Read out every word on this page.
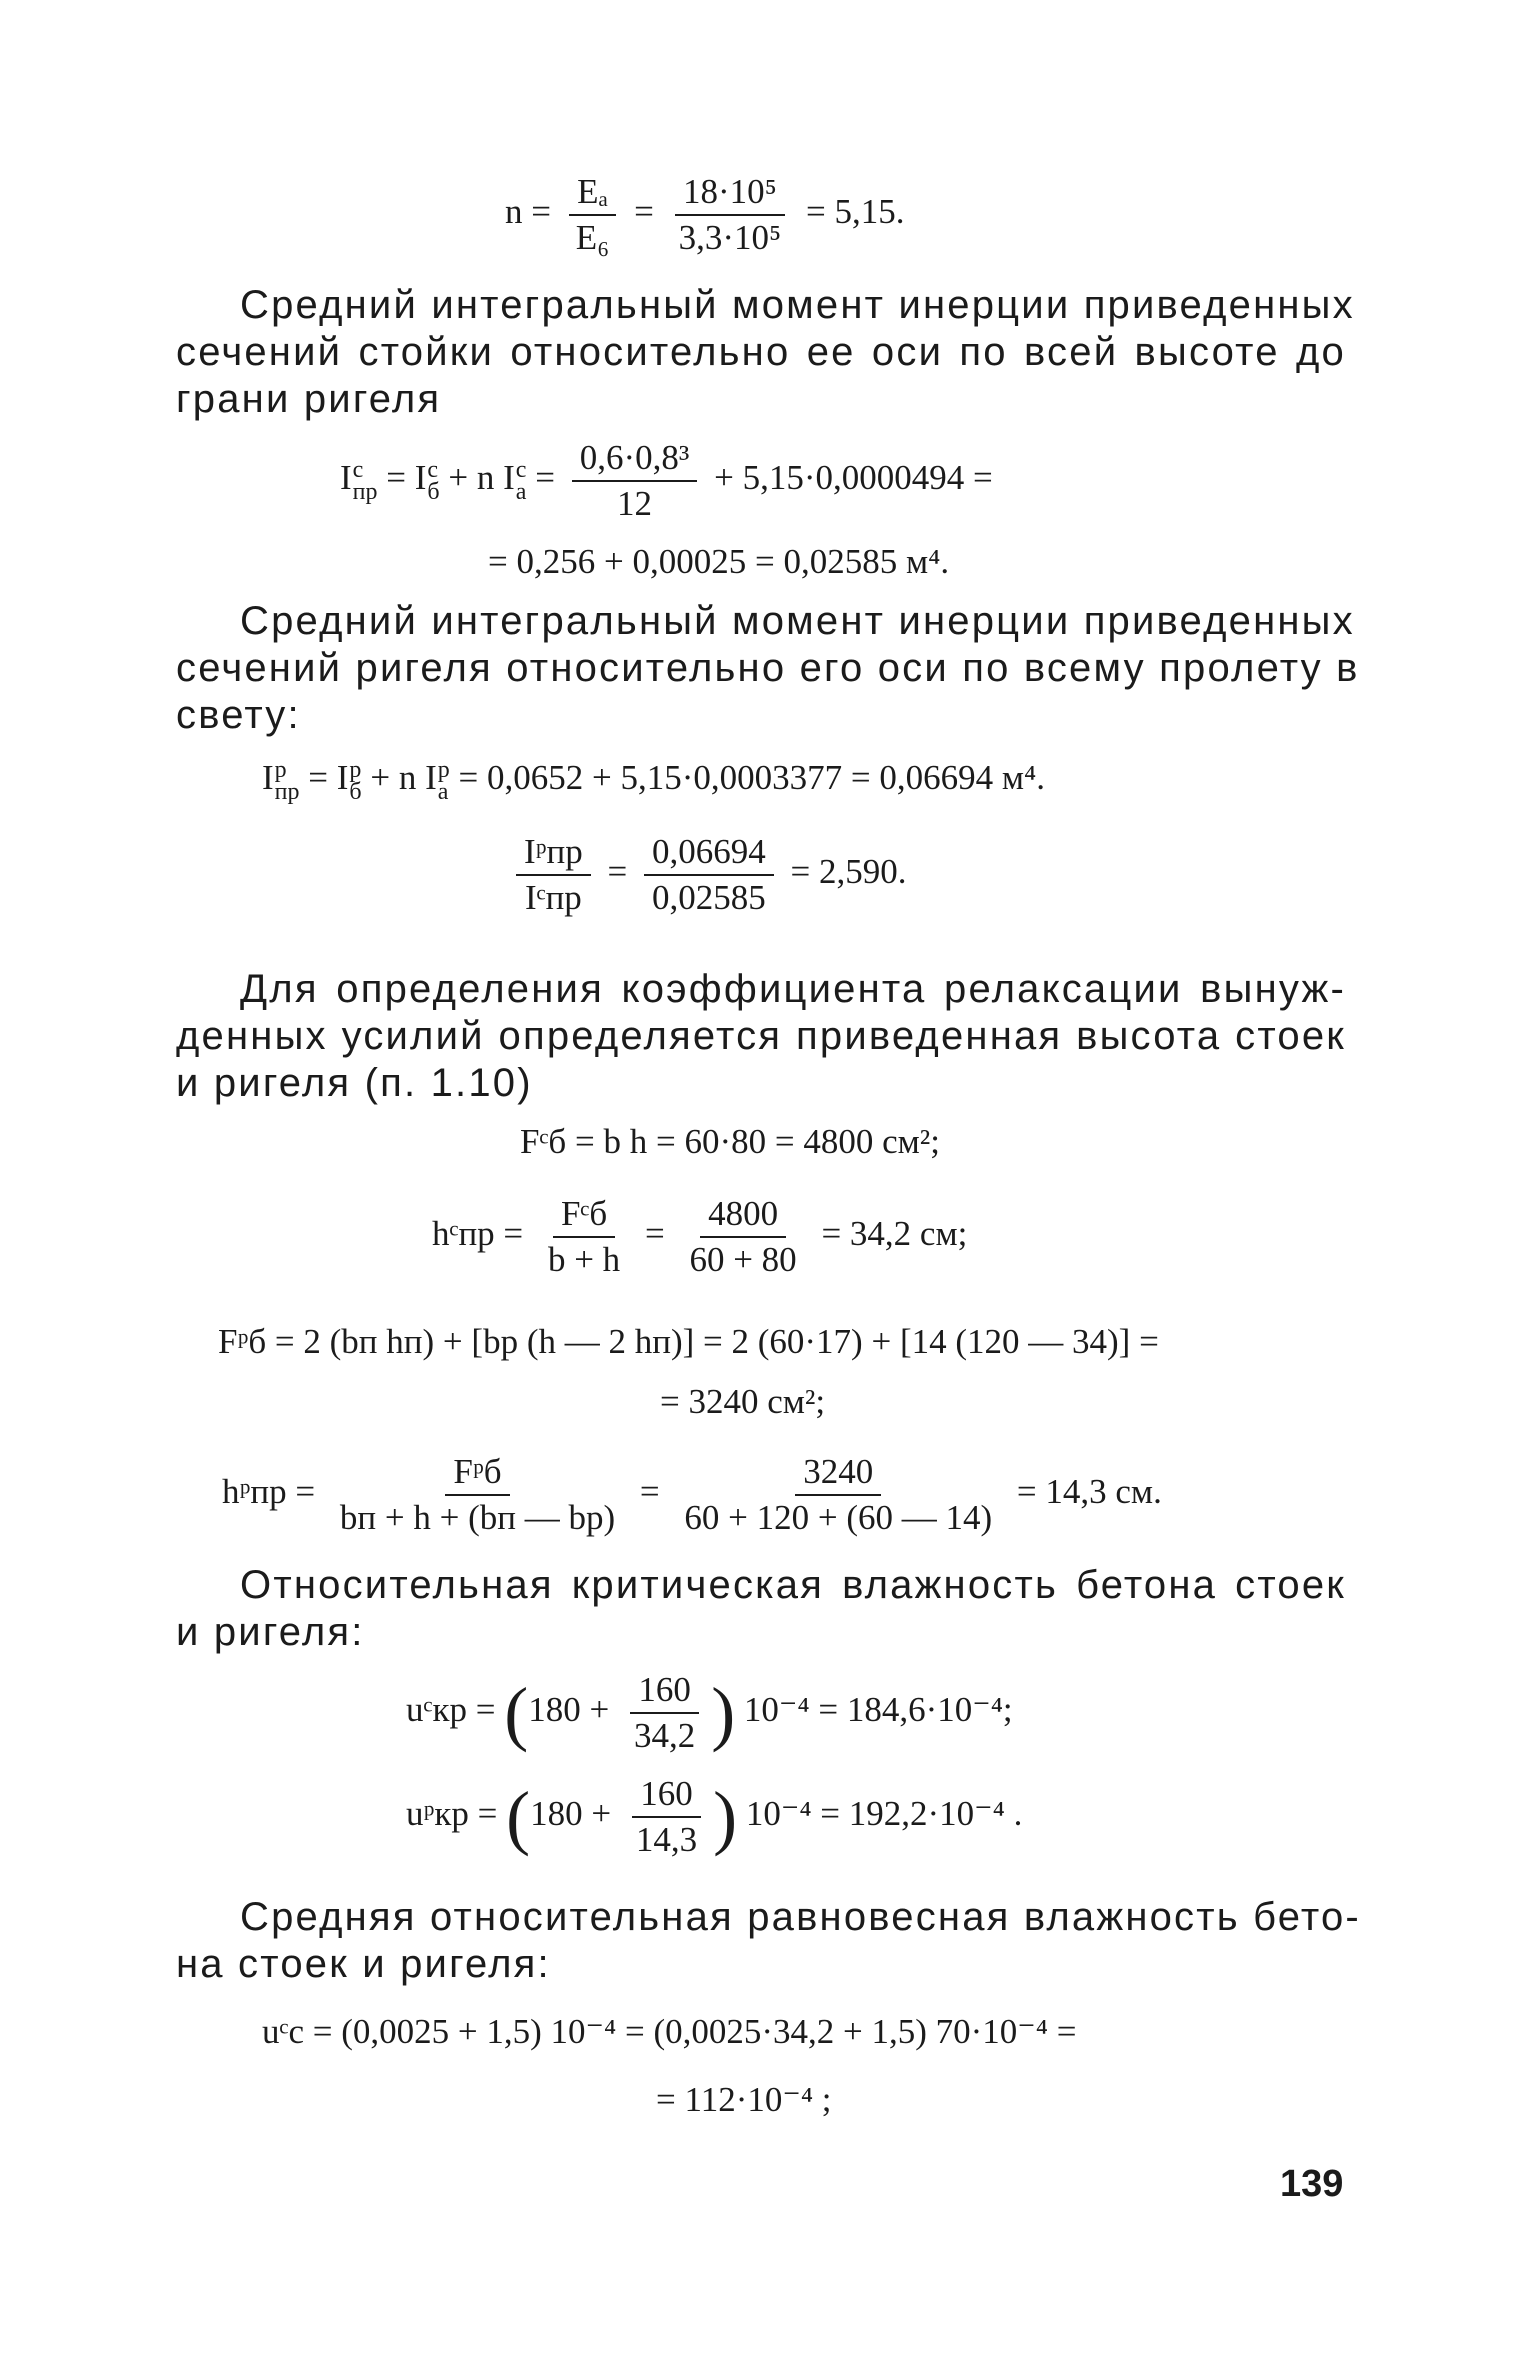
$n = \frac{\text{Eₐ}}{\text{E₆}} = \frac{\text{18·10⁵}}{\text{3,3·10⁵}} = 5,15$.
Средний интегральный момент инерции приведенных
сечений стойки относительно ее оси по всей высоте до
грани ригеля
I с
пр = I с
б + n I с
$а = \frac{\text{0,6·0,8³}}{12} + 5,15\cdot 0,0000494$ =
= 0,256 + 0,00025 = 0,02585 м⁴.
Средний интегральный момент инерции приведенных
сечений ригеля относительно его оси по всему пролету в
свету:
I р
пр = I р
б + n I р
а = 0,0652 + 5,15·0,0003377 = 0,06694 м⁴.
$\frac{\text{Iᵖпр}}{\text{Iᶜпр}} = \frac{0,06694}{0,02585} = 2,590$.
Для определения коэффициента релаксации вынуж-
денных усилий определяется приведенная высота стоек
и ригеля (п. 1.10)
Fᶜб = b h = 60·80 = 4800 см²;
hᶜпр = $\frac{\text{Fᶜб}}{b + h} = \frac{4800}{60 + 80} = 34,2$ см;
Fᵖб = 2 (bп hп) + [bр (h — 2 hп)] = 2 (60·17) + [14 (120 — 34)] =
= 3240 см²;
hᵖпр = $\frac{\text{Fᵖб}}{bп + h + (bп — bр)} = \frac{3240}{60 + 120 + (60 — 14)} = 14,3$ см.
Относительная критическая влажность бетона стоек
и ригеля:
uᶜкр = ($180 + \frac{160}{34,2}$ ) 10⁻⁴ = 184,6·10⁻⁴;
uᵖкр = ($180 + \frac{160}{14,3}$ ) 10⁻⁴ = 192,2·10⁻⁴ .
Средняя относительная равновесная влажность бето-
на стоек и ригеля:
uᶜс = (0,0025 + 1,5) 10⁻⁴ = (0,0025·34,2 + 1,5) 70·10⁻⁴ =
= 112·10⁻⁴ ;
139
